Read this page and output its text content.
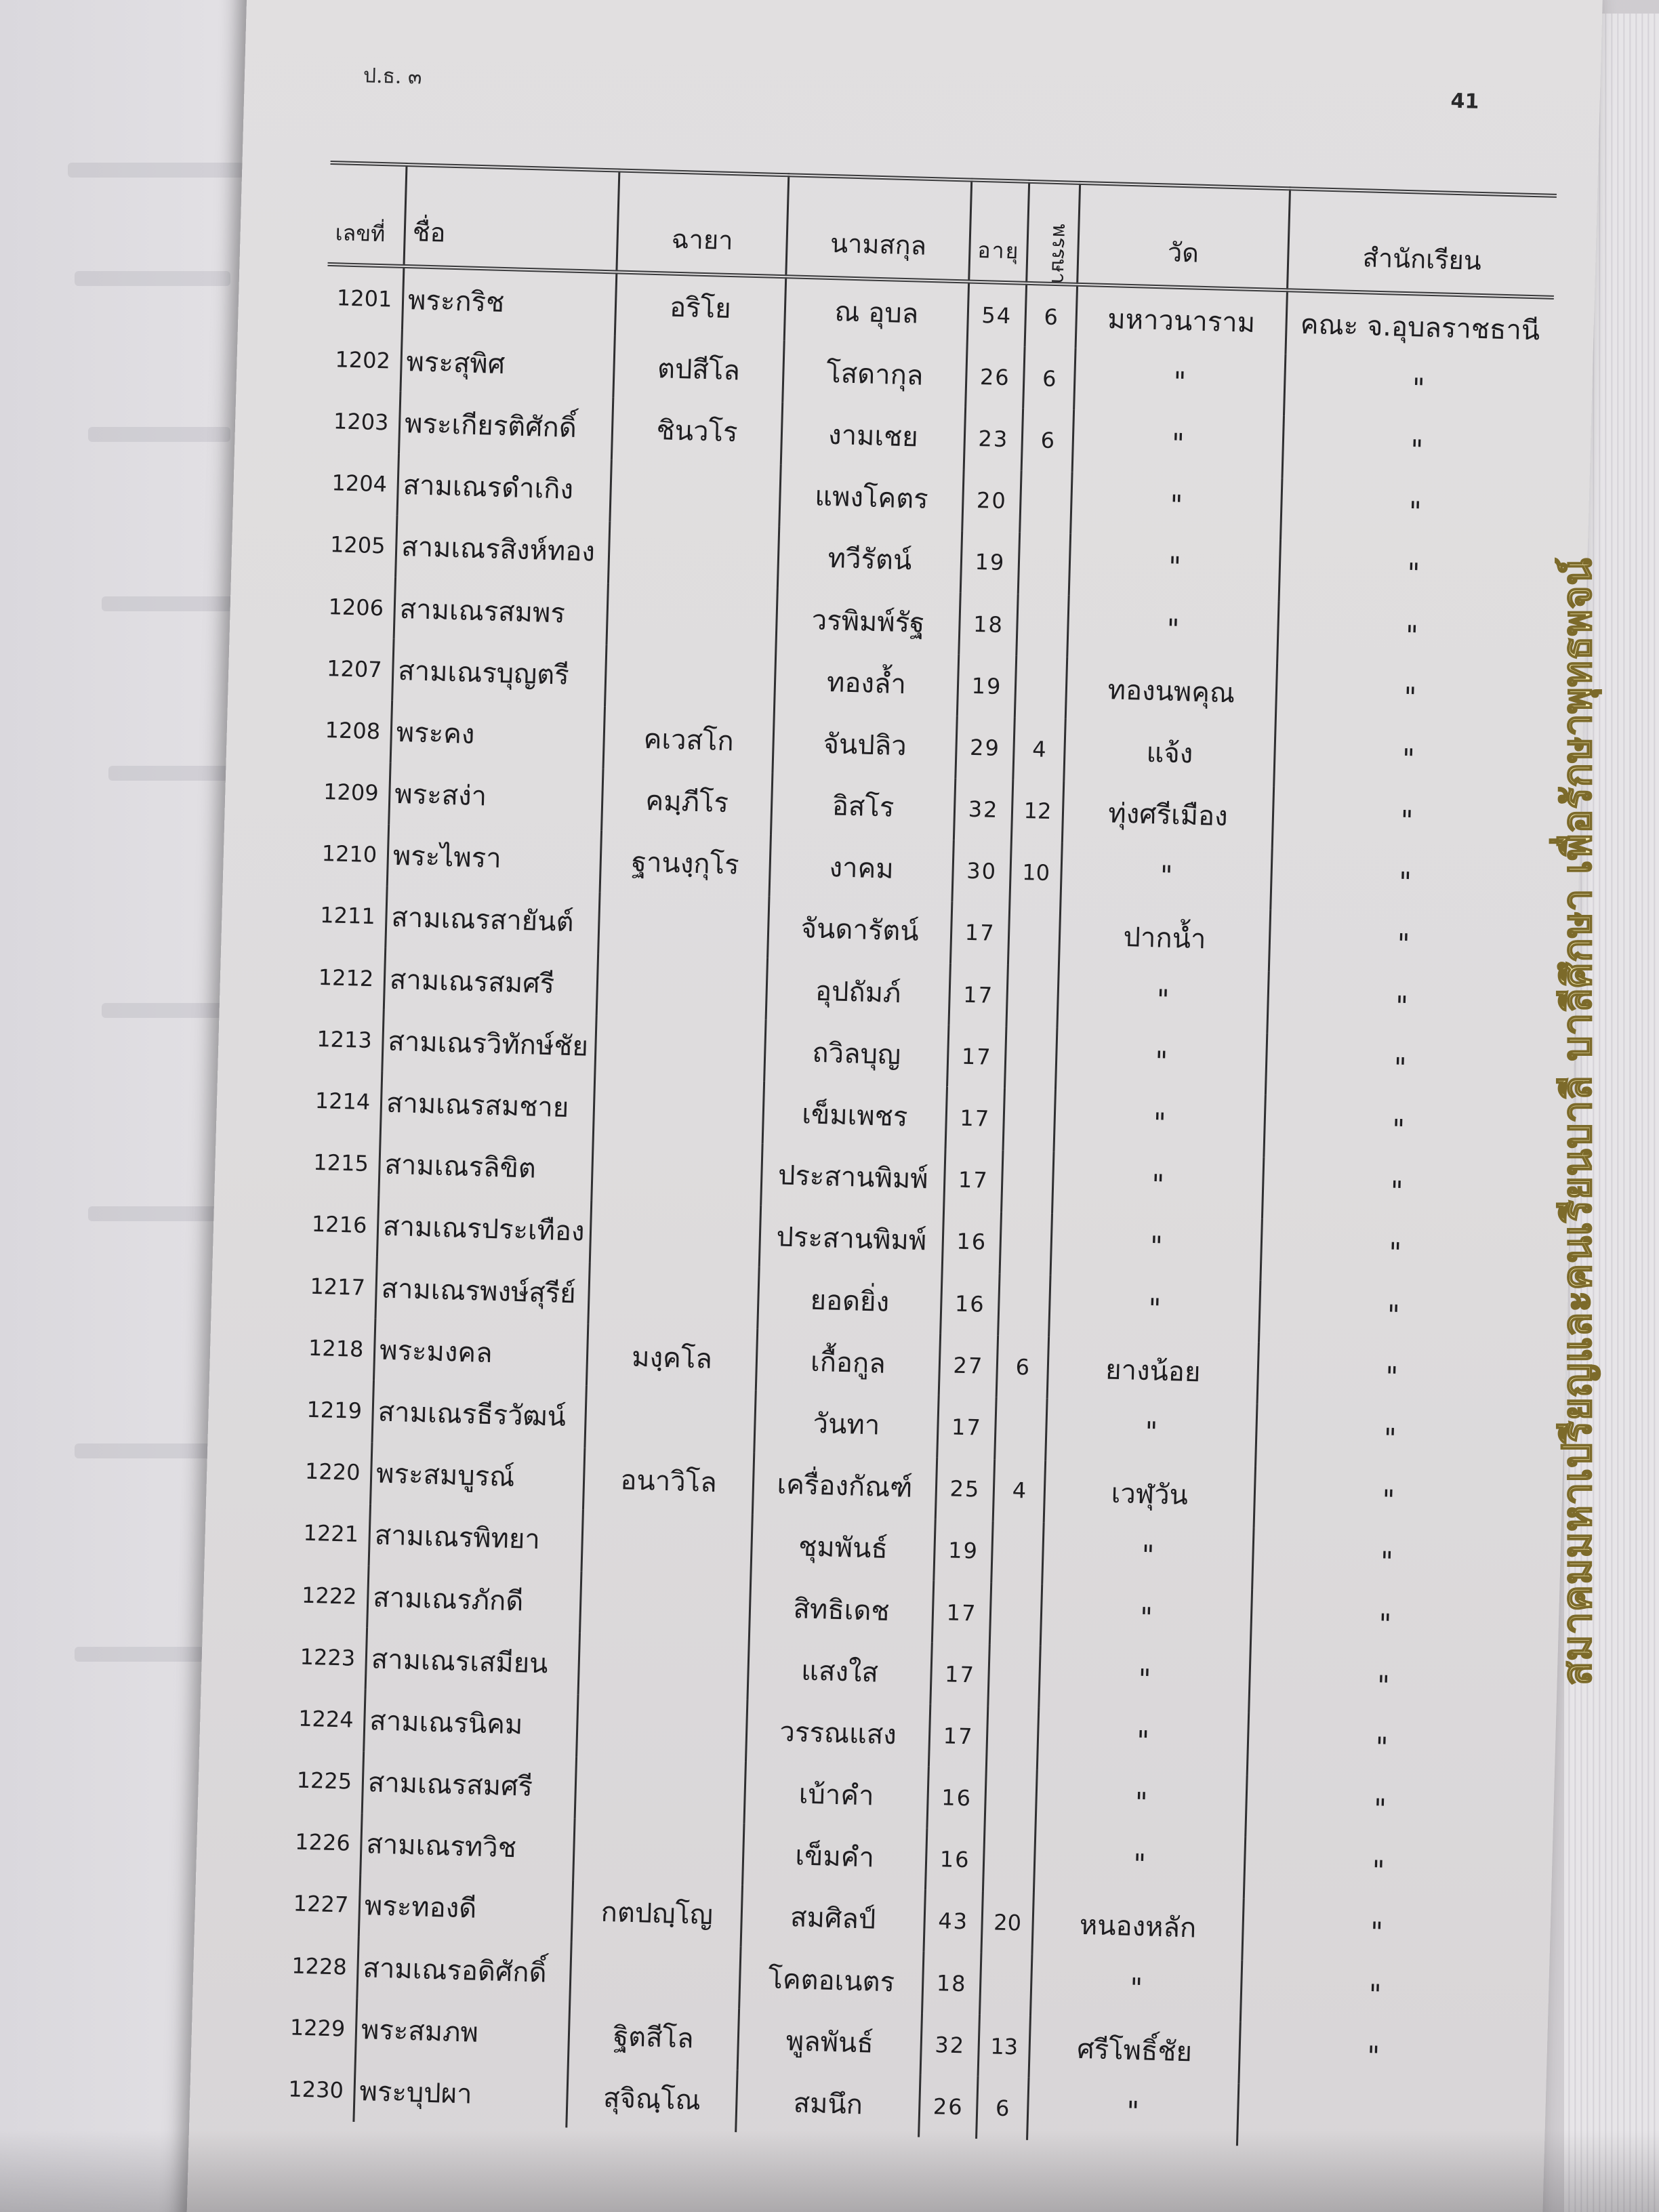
ป.ธ. ๓
41
เลขที่	ชื่อ	ฉายา	นามสกุล	อายุ	พรรษา	วัด	สำนักเรียน
1201	พระกริช	อริโย	ณ อุบล	54	6	มหาวนาราม	คณะ จ.อุบลราชธานี
1202	พระสุพิศ	ตปสีโล	โสดากุล	26	6	"	"
1203	พระเกียรติศักดิ์	ชินวโร	งามเชย	23	6	"	"
1204	สามเณรดำเกิง		แพงโคตร	20		"	"
1205	สามเณรสิงห์ทอง		ทวีรัตน์	19		"	"
1206	สามเณรสมพร		วรพิมพ์รัฐ	18		"	"
1207	สามเณรบุญตรี		ทองล้ำ	19		ทองนพคุณ	"
1208	พระคง	คเวสโก	จันปลิว	29	4	แจ้ง	"
1209	พระสง่า	คมฺภีโร	อิสโร	32	12	ทุ่งศรีเมือง	"
1210	พระไพรา	ฐานงฺกุโร	งาคม	30	10	"	"
1211	สามเณรสายันต์		จันดารัตน์	17		ปากน้ำ	"
1212	สามเณรสมศรี		อุปถัมภ์	17		"	"
1213	สามเณรวิทักษ์ชัย		ถวิลบุญ	17		"	"
1214	สามเณรสมชาย		เข็มเพชร	17		"	"
1215	สามเณรลิขิต		ประสานพิมพ์	17		"	"
1216	สามเณรประเทือง		ประสานพิมพ์	16		"	"
1217	สามเณรพงษ์สุรีย์		ยอดยิ่ง	16		"	"
1218	พระมงคล	มงฺคโล	เกื้อกูล	27	6	ยางน้อย	"
1219	สามเณรธีรวัฒน์		วันทา	17		"	"
1220	พระสมบูรณ์	อนาวิโล	เครื่องกัณฑ์	25	4	เวฬุวัน	"
1221	สามเณรพิทยา		ชุมพันธ์	19		"	"
1222	สามเณรภักดี		สิทธิเดช	17		"	"
1223	สามเณรเสมียน		แสงใส	17		"	"
1224	สามเณรนิคม		วรรณแสง	17		"	"
1225	สามเณรสมศรี		เบ้าคำ	16		"	"
1226	สามเณรทวิช		เข็มคำ	16		"	"
1227	พระทองดี	กตปญฺโญ	สมศิลป์	43	20	หนองหลัก	"
1228	สามเณรอดิศักดิ์		โคตอเนตร	18		"	"
1229	พระสมภพ	ฐิตสีโล	พูลพันธ์	32	13	ศรีโพธิ์ชัย	"
1230	พระบุปผา	สุจิณฺโณ	สมนึก	26	6	"	
สมาคมมหาเปรียญและคนเรียนบาลี บาลีศึกษา เพื่อรักษาพุทธพจน์
